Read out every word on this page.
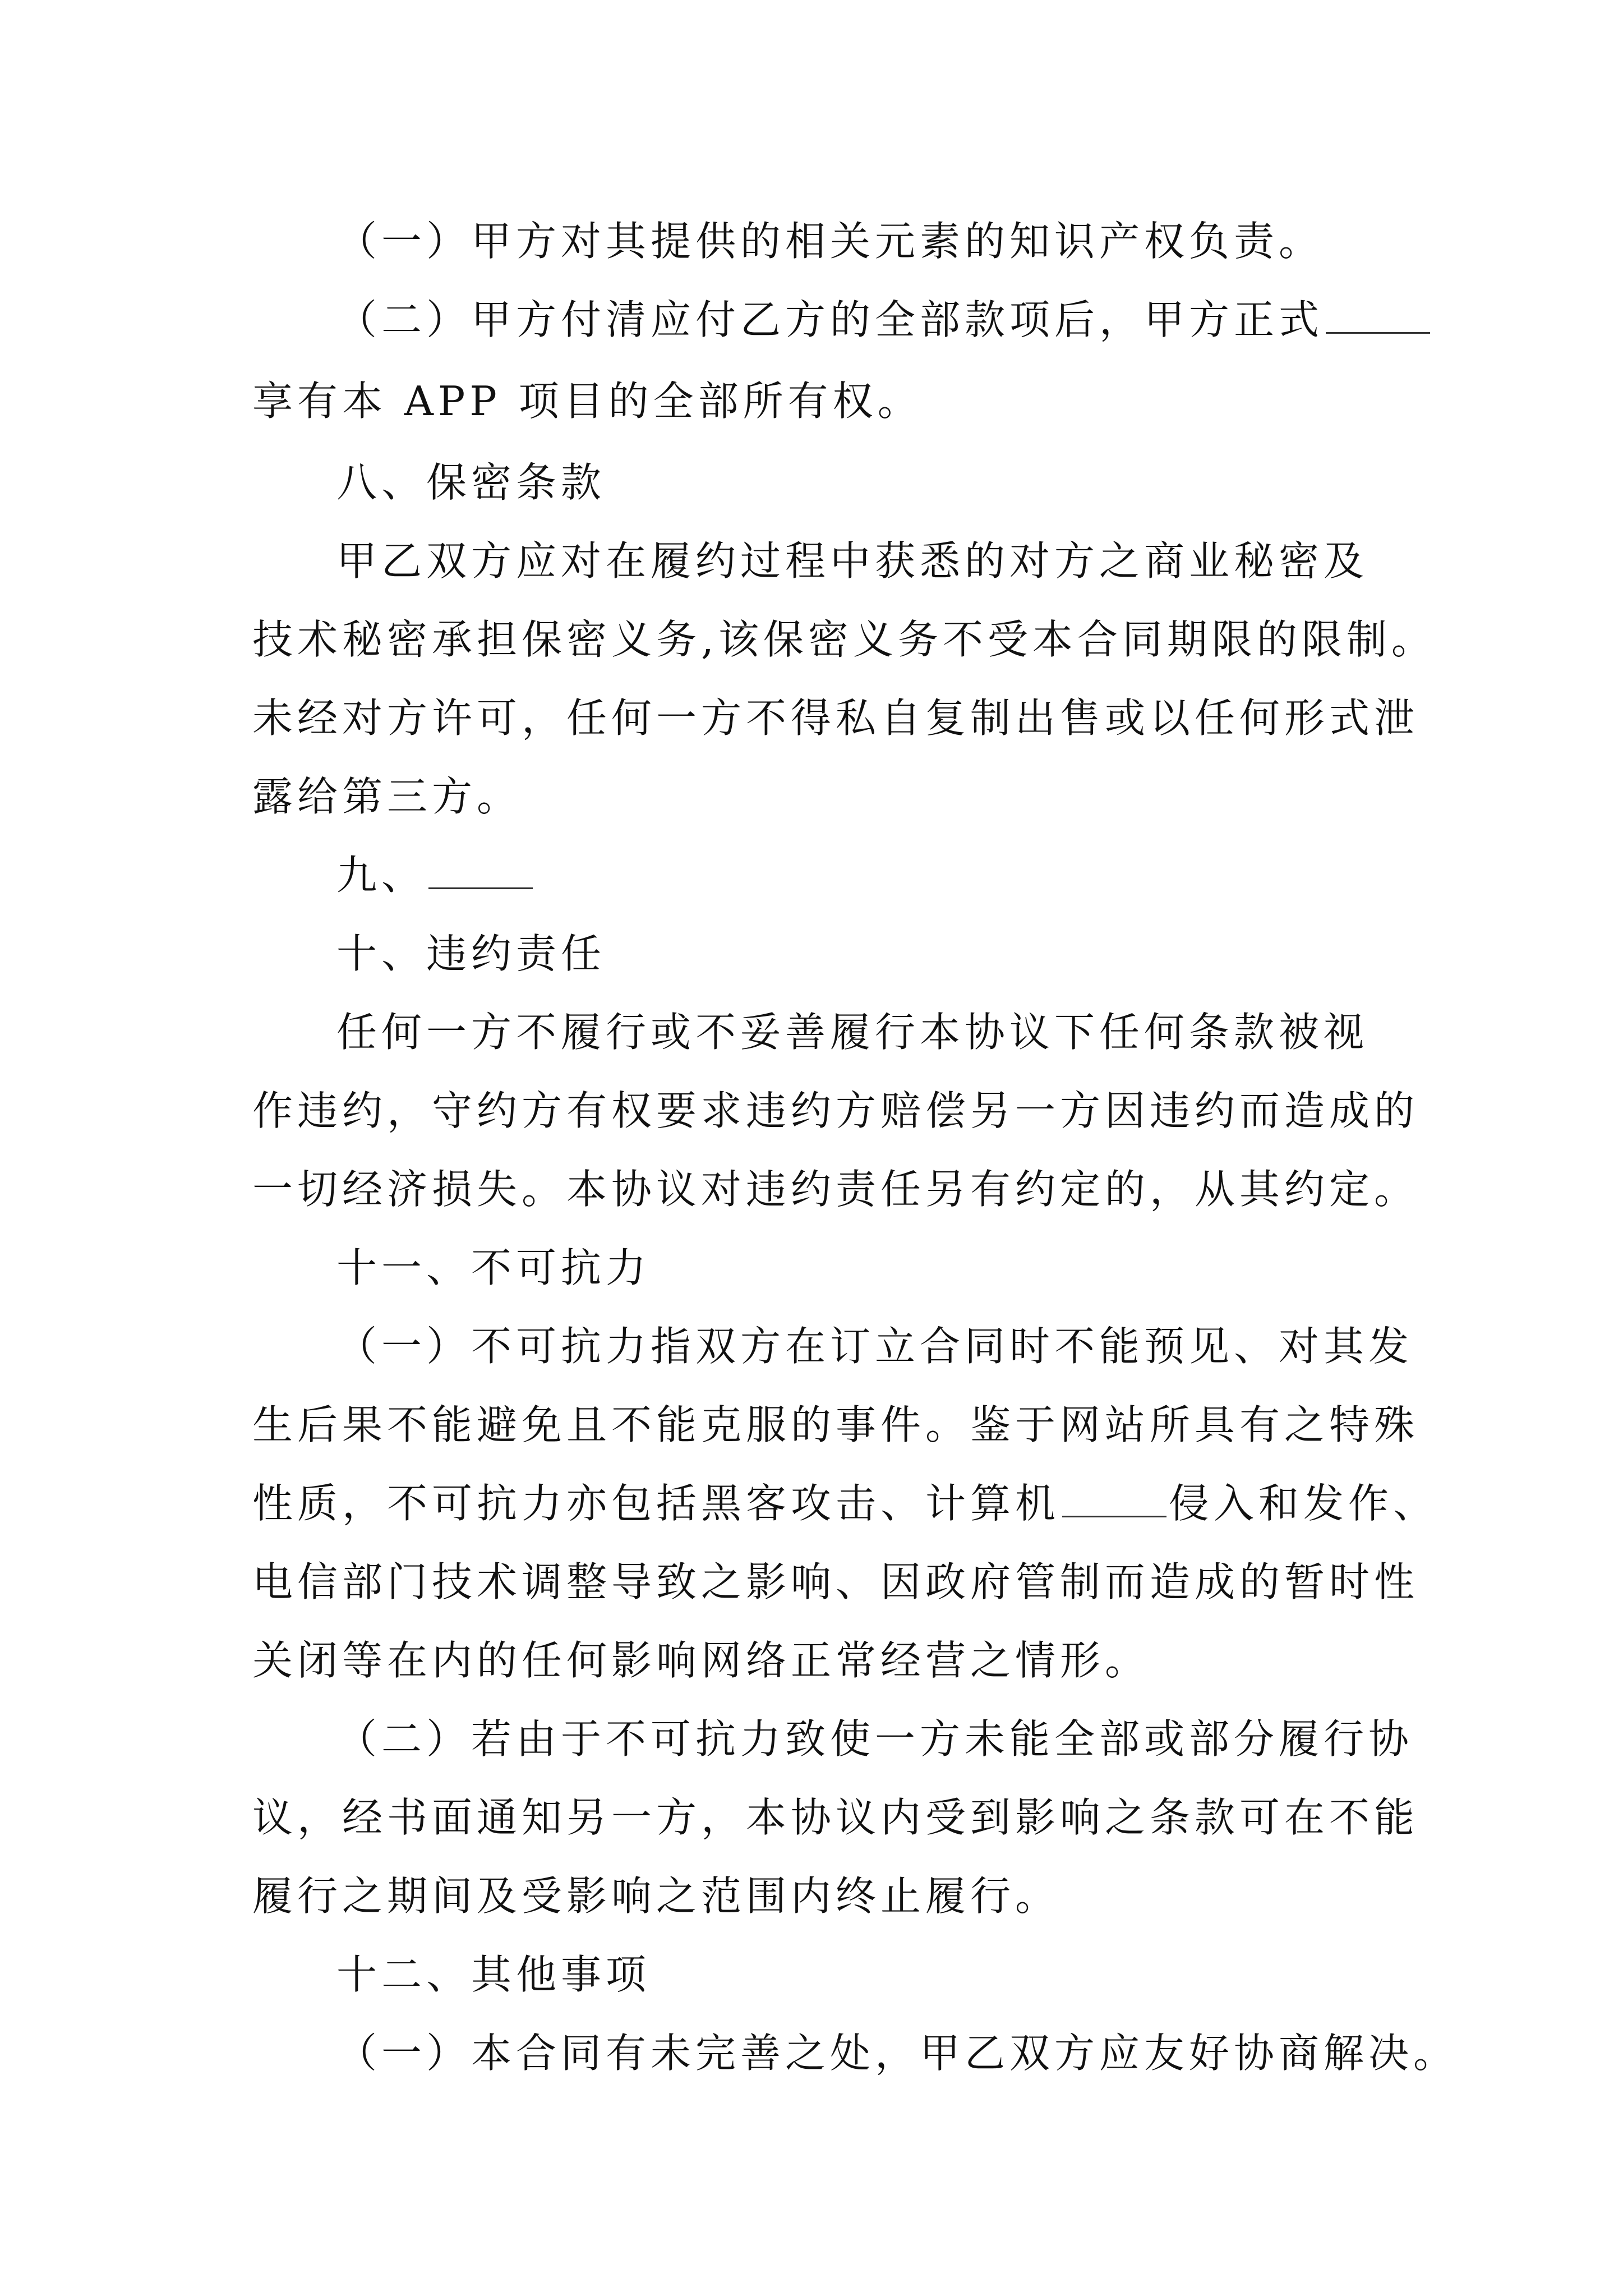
（一）甲方对其提供的相关元素的知识产权负责。
（二）甲方付清应付乙方的全部款项后，甲方正式
享有本 APP 项目的全部所有权。
八、保密条款
甲乙双方应对在履约过程中获悉的对方之商业秘密及
技术秘密承担保密义务,该保密义务不受本合同期限的限制。
未经对方许可，任何一方不得私自复制出售或以任何形式泄
露给第三方。
九、
十、违约责任
任何一方不履行或不妥善履行本协议下任何条款被视
作违约，守约方有权要求违约方赔偿另一方因违约而造成的
一切经济损失。本协议对违约责任另有约定的，从其约定。
十一、不可抗力
（一）不可抗力指双方在订立合同时不能预见、对其发
生后果不能避免且不能克服的事件。鉴于网站所具有之特殊
性质，不可抗力亦包括黑客攻击、计算机	侵入和发作、
电信部门技术调整导致之影响、因政府管制而造成的暂时性
关闭等在内的任何影响网络正常经营之情形。
（二）若由于不可抗力致使一方未能全部或部分履行协
议，经书面通知另一方，本协议内受到影响之条款可在不能
履行之期间及受影响之范围内终止履行。
十二、其他事项
（一）本合同有未完善之处，甲乙双方应友好协商解决。
